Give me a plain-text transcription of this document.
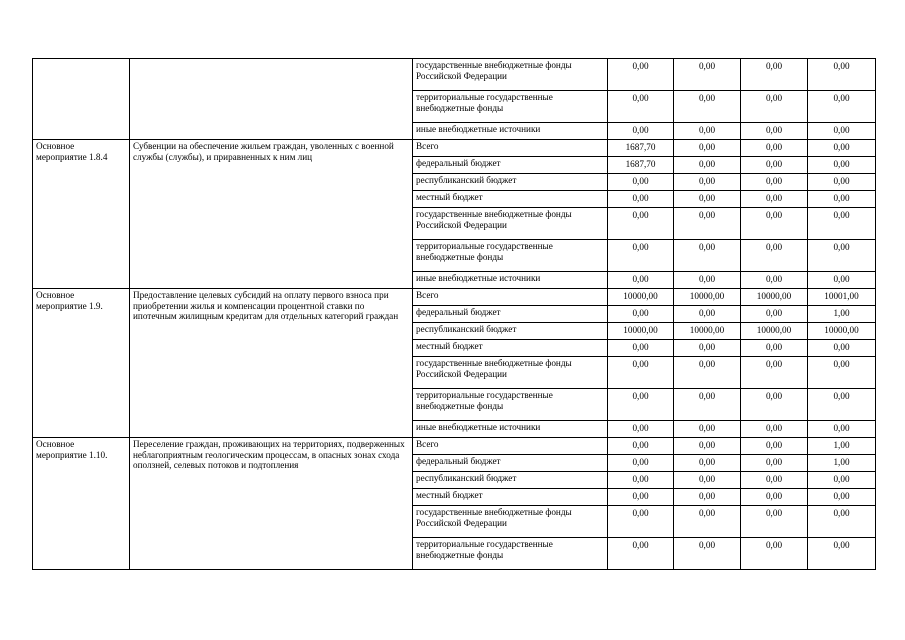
		государственные внебюджетные фонды Российской Федерации	0,00	0,00	0,00	0,00
		территориальные государственные внебюджетные фонды	0,00	0,00	0,00	0,00
		иные внебюджетные источники	0,00	0,00	0,00	0,00
Основное мероприятие 1.8.4	Субвенции на обеспечение жильем граждан, уволенных с военной службы (службы), и приравненных к ним лиц	Всего	1687,70	0,00	0,00	0,00
		федеральный бюджет	1687,70	0,00	0,00	0,00
		республиканский бюджет	0,00	0,00	0,00	0,00
		местный бюджет	0,00	0,00	0,00	0,00
		государственные внебюджетные фонды Российской Федерации	0,00	0,00	0,00	0,00
		территориальные государственные внебюджетные фонды	0,00	0,00	0,00	0,00
		иные внебюджетные источники	0,00	0,00	0,00	0,00
Основное мероприятие 1.9.	Предоставление целевых субсидий на оплату первого взноса при приобретении жилья и компенсации процентной ставки по ипотечным жилищным кредитам для отдельных категорий граждан	Всего	10000,00	10000,00	10000,00	10001,00
		федеральный бюджет	0,00	0,00	0,00	1,00
		республиканский бюджет	10000,00	10000,00	10000,00	10000,00
		местный бюджет	0,00	0,00	0,00	0,00
		государственные внебюджетные фонды Российской Федерации	0,00	0,00	0,00	0,00
		территориальные государственные внебюджетные фонды	0,00	0,00	0,00	0,00
		иные внебюджетные источники	0,00	0,00	0,00	0,00
Основное мероприятие 1.10.	Переселение граждан, проживающих на территориях, подверженных неблагоприятным геологическим процессам, в опасных зонах схода оползней, селевых потоков и подтопления	Всего	0,00	0,00	0,00	1,00
		федеральный бюджет	0,00	0,00	0,00	1,00
		республиканский бюджет	0,00	0,00	0,00	0,00
		местный бюджет	0,00	0,00	0,00	0,00
		государственные внебюджетные фонды Российской Федерации	0,00	0,00	0,00	0,00
		территориальные государственные внебюджетные фонды	0,00	0,00	0,00	0,00
